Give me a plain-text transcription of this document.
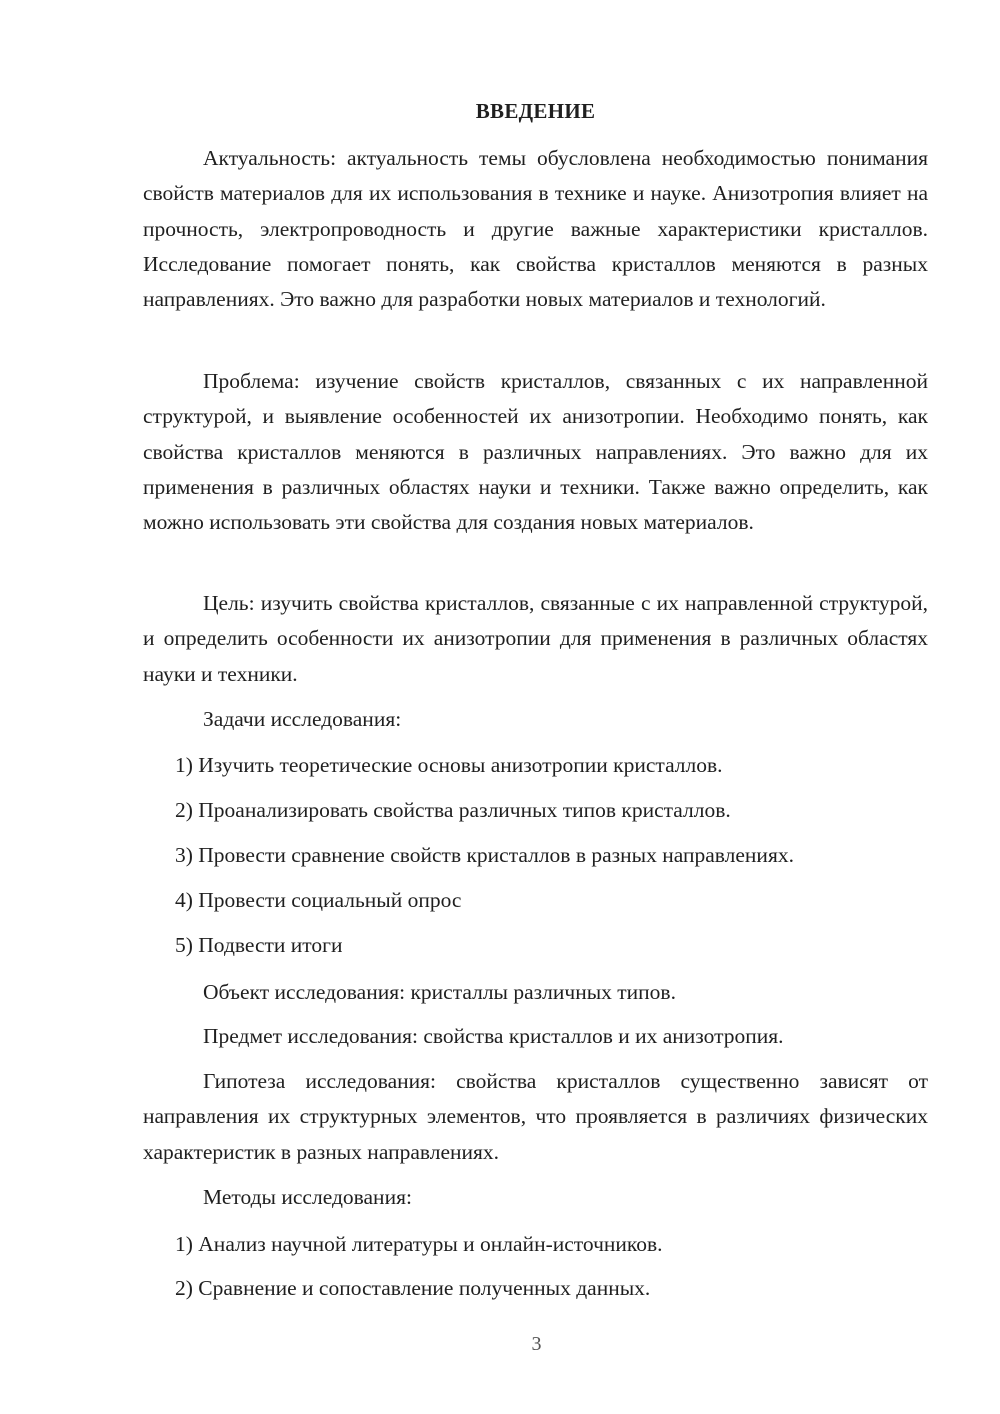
ВВЕДЕНИЕ

Актуальность: актуальность темы обусловлена необходимостью понимания свойств материалов для их использования в технике и науке. Анизотропия влияет на прочность, электропроводность и другие важные характеристики кристаллов. Исследование помогает понять, как свойства кристаллов меняются в разных направлениях. Это важно для разработки новых материалов и технологий.

Проблема: изучение свойств кристаллов, связанных с их направленной структурой, и выявление особенностей их анизотропии. Необходимо понять, как свойства кристаллов меняются в различных направлениях. Это важно для их применения в различных областях науки и техники. Также важно определить, как можно использовать эти свойства для создания новых материалов.

Цель: изучить свойства кристаллов, связанные с их направленной структурой, и определить особенности их анизотропии для применения в различных областях науки и техники.

Задачи исследования:

1) Изучить теоретические основы анизотропии кристаллов.

2) Проанализировать свойства различных типов кристаллов.

3) Провести сравнение свойств кристаллов в разных направлениях.

4) Провести социальный опрос

5) Подвести итоги

Объект исследования: кристаллы различных типов.

Предмет исследования: свойства кристаллов и их анизотропия.

Гипотеза исследования: свойства кристаллов существенно зависят от направления их структурных элементов, что проявляется в различиях физических характеристик в разных направлениях.

Методы исследования:

1) Анализ научной литературы и онлайн-источников.

2) Сравнение и сопоставление полученных данных.

3
